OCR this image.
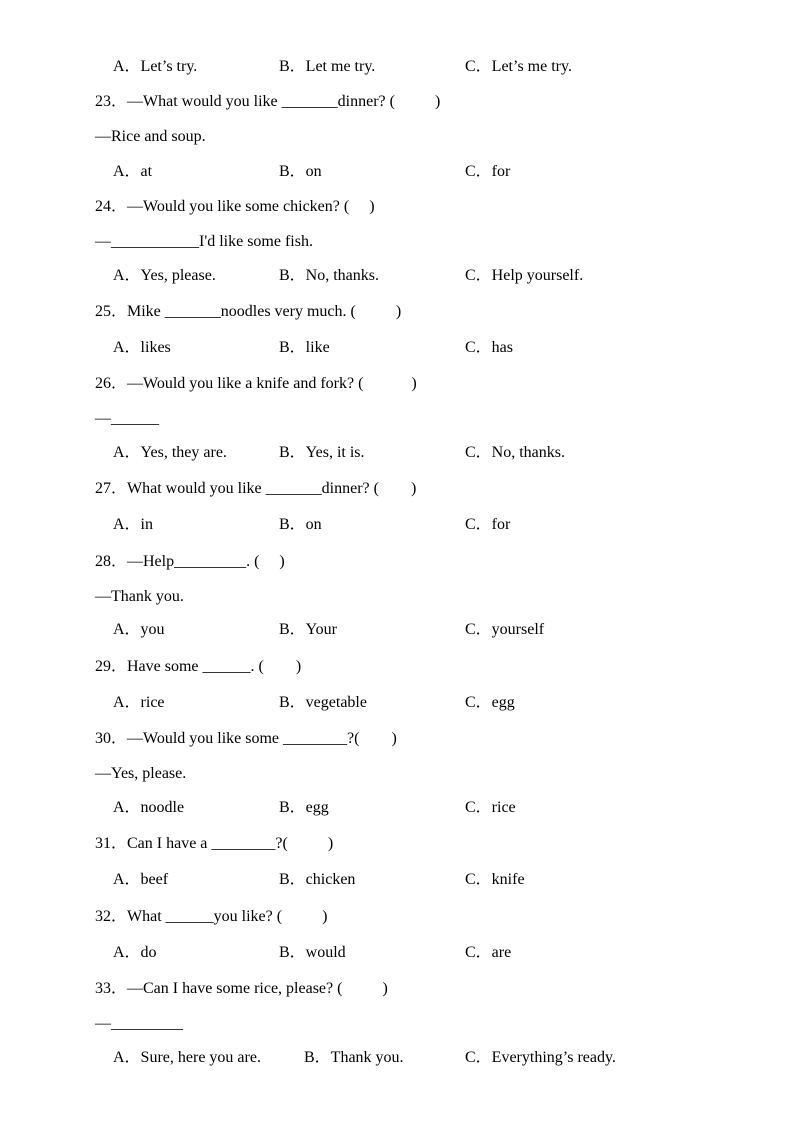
A．Let’s try.	B．Let me try.	C．Let’s me try.
23．—What would you like _______dinner? (          )
—Rice and soup.
A．at	B．on	C．for
24．—Would you like some chicken? (     )
—___________I'd like some fish.
A．Yes, please.	B．No, thanks.	C．Help yourself.
25．Mike _______noodles very much. (          )
A．likes	B．like	C．has
26．—Would you like a knife and fork? (            )
—______
A．Yes, they are.	B．Yes, it is.	C．No, thanks.
27．What would you like _______dinner? (        )
A．in	B．on	C．for
28．—Help_________. (     )
—Thank you.
A．you	B．Your	C．yourself
29．Have some ______. (        )
A．rice	B．vegetable	C．egg
30．—Would you like some ________?(        )
—Yes, please.
A．noodle	B．egg	C．rice
31．Can I have a ________?(          )
A．beef	B．chicken	C．knife
32．What ______you like? (          )
A．do	B．would	C．are
33．—Can I have some rice, please? (          )
—_________
A．Sure, here you are.	B．Thank you.	C．Everything’s ready.
